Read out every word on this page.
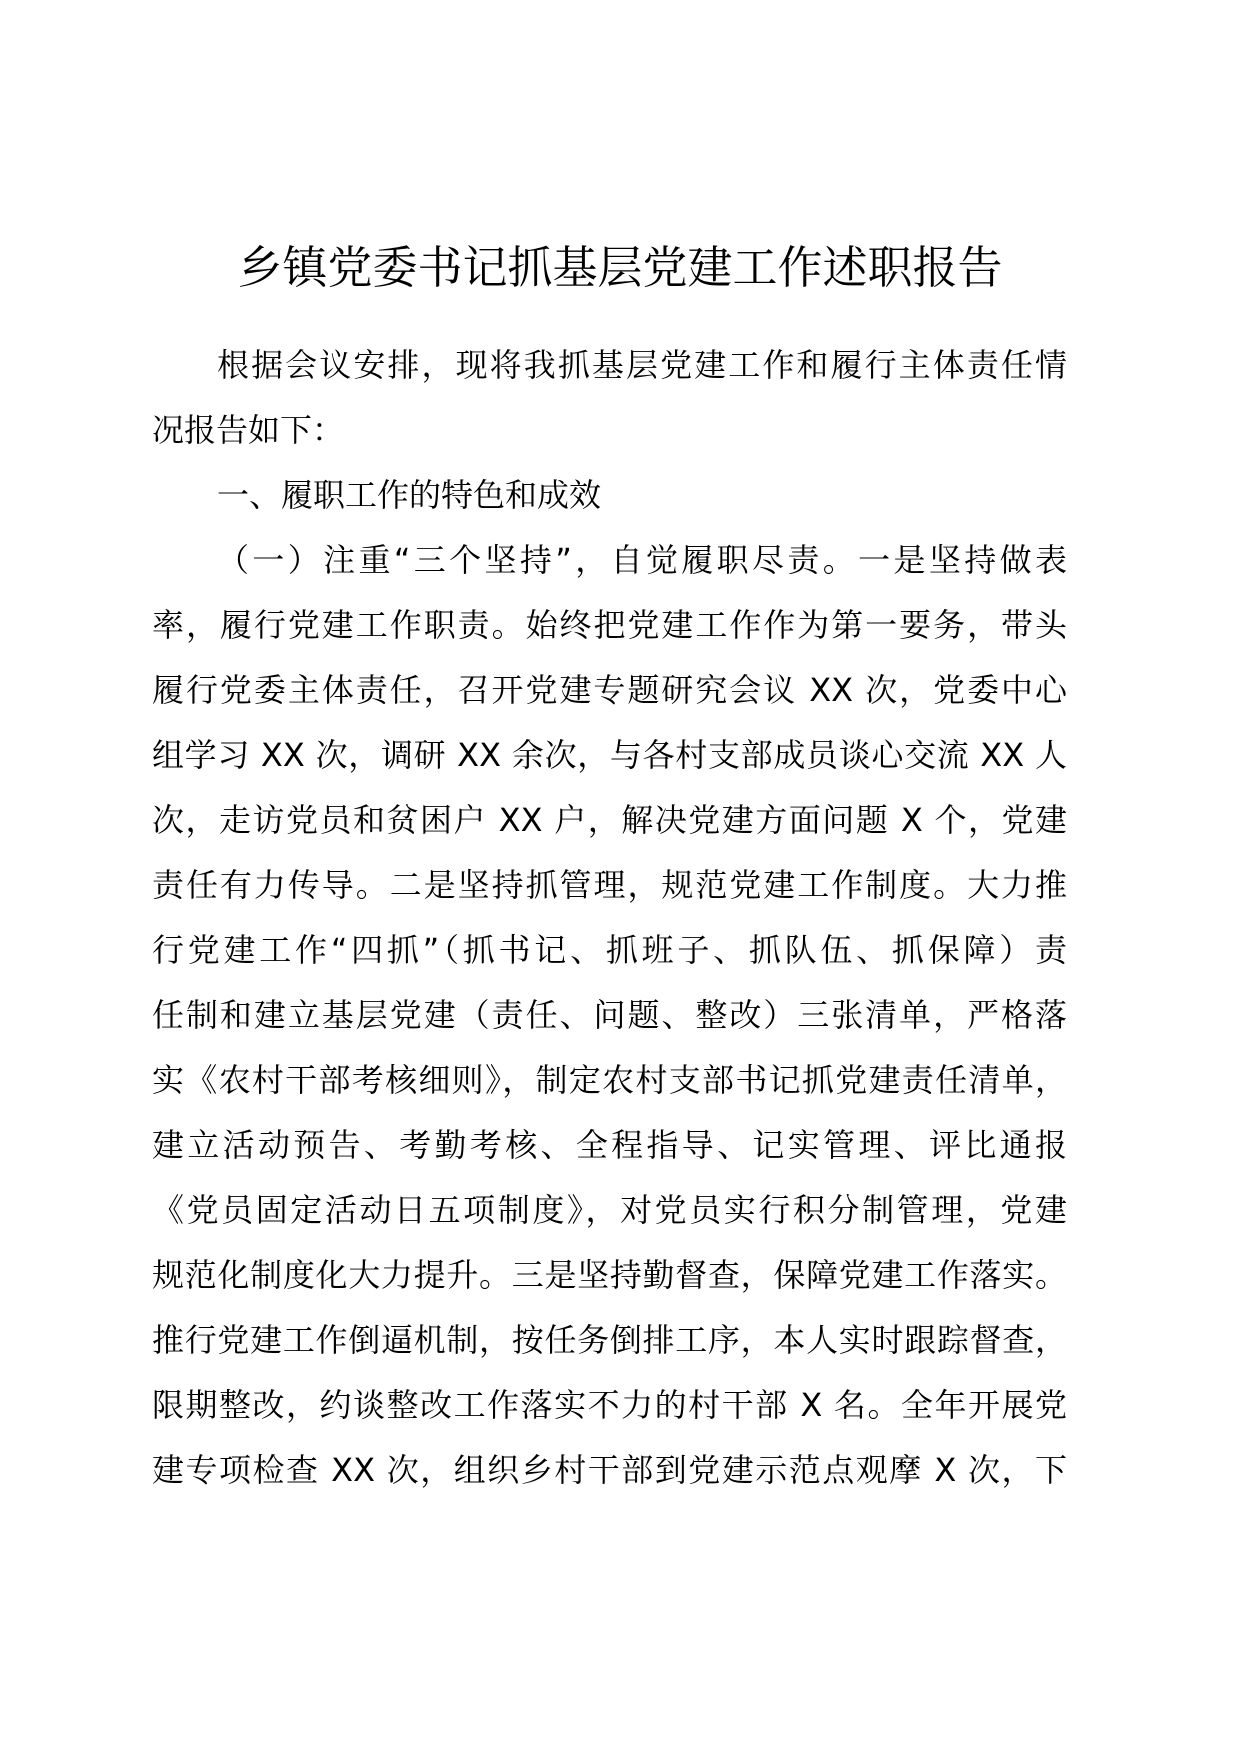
乡镇党委书记抓基层党建工作述职报告
根据会议安排，现将我抓基层党建工作和履行主体责任情
况报告如下：
一、履职工作的特色和成效
（一）注重“三个坚持”，自觉履职尽责。一是坚持做表
率，履行党建工作职责。始终把党建工作作为第一要务，带头
履行党委主体责任，召开党建专题研究会议 XX 次，党委中心
组学习 XX 次，调研 XX 余次，与各村支部成员谈心交流 XX 人
次，走访党员和贫困户 XX 户，解决党建方面问题 X 个，党建
责任有力传导。二是坚持抓管理，规范党建工作制度。大力推
行党建工作“四抓”（抓书记、抓班子、抓队伍、抓保障）责
任制和建立基层党建（责任、问题、整改）三张清单，严格落
实《农村干部考核细则》，制定农村支部书记抓党建责任清单，
建立活动预告、考勤考核、全程指导、记实管理、评比通报
《党员固定活动日五项制度》，对党员实行积分制管理，党建
规范化制度化大力提升。三是坚持勤督查，保障党建工作落实。
推行党建工作倒逼机制，按任务倒排工序，本人实时跟踪督查，
限期整改，约谈整改工作落实不力的村干部 X 名。全年开展党
建专项检查 XX 次，组织乡村干部到党建示范点观摩 X 次，下
